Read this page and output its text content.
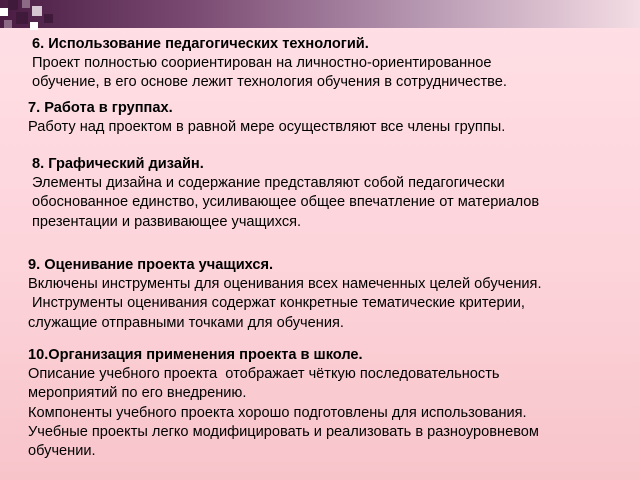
6. Использование педагогических технологий.
Проект полностью соориентирован на личностно-ориентированное
обучение, в его основе лежит технология обучения в сотрудничестве.
7. Работа в группах.
Работу над проектом в равной мере осуществляют все члены группы.
8. Графический дизайн.
Элементы дизайна и содержание представляют собой педагогически
обоснованное единство, усиливающее общее впечатление от материалов
презентации и развивающее учащихся.
9. Оценивание проекта учащихся.
Включены инструменты для оценивания всех намеченных целей обучения.
Инструменты оценивания содержат конкретные тематические критерии,
служащие отправными точками для обучения.
10.Организация применения проекта в школе.
Описание учебного проекта  отображает чёткую последовательность
мероприятий по его внедрению.
Компоненты учебного проекта хорошо подготовлены для использования.
Учебные проекты легко модифицировать и реализовать в разноуровневом
обучении.
